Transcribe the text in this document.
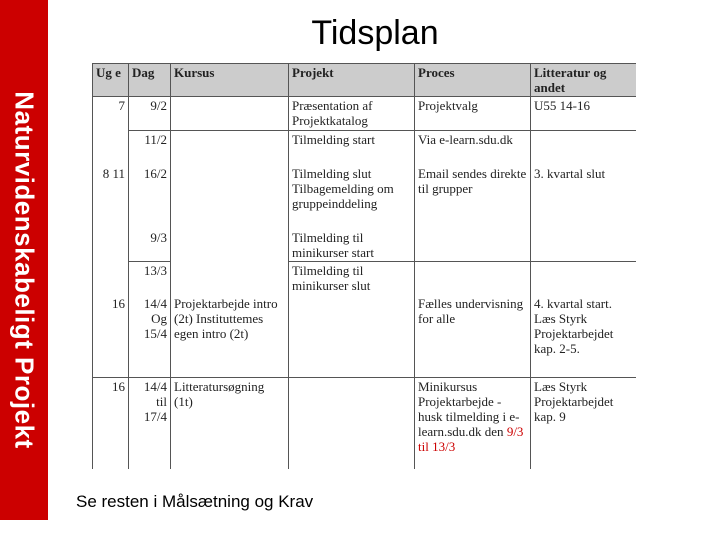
Naturvidenskabeligt Projekt
Tidsplan
Ug e	Dag	Kursus	Projekt	Proces	Litteratur og andet
7	9/2		Præsentation af Projektkatalog	Projektvalg	U55 14-16
	11/2		Tilmelding start	Via e-learn.sdu.dk	
8 11	16/2		Tilmelding slut Tilbagemelding om gruppeinddeling	Email sendes direkte til grupper	3. kvartal slut
	9/3		Tilmelding til minikurser start		
	13/3		Tilmelding til minikurser slut		
16	14/4 Og 15/4	Projektarbejde intro (2t) Instituttemes egen intro (2t)		Fælles undervisning for alle	4. kvartal start. Læs Styrk Projektarbejdet kap. 2-5.
16	14/4 til 17/4	Litteratursøgning (1t)		Minikursus Projektarbejde - husk tilmelding i e-learn.sdu.dk den 9/3 til 13/3	Læs Styrk Projektarbejdet kap. 9
Se resten i Målsætning og Krav
